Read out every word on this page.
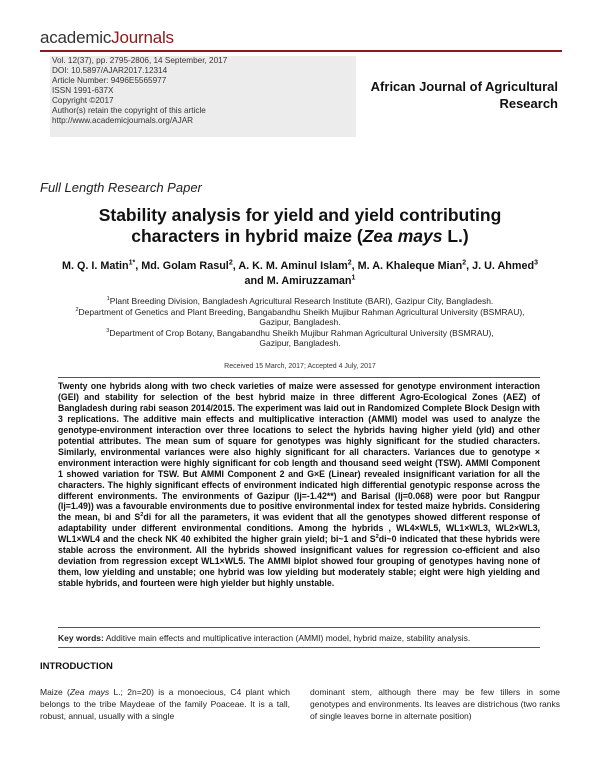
academicJournals
Vol. 12(37), pp. 2795-2806, 14 September, 2017
DOI: 10.5897/AJAR2017.12314
Article Number: 9496E5565977
ISSN 1991-637X
Copyright ©2017
Author(s) retain the copyright of this article
http://www.academicjournals.org/AJAR
African Journal of Agricultural
Research
Full Length Research Paper
Stability analysis for yield and yield contributing
characters in hybrid maize (Zea mays L.)
M. Q. I. Matin$^{1*}$, Md. Golam Rasul$^2$, A. K. M. Aminul Islam$^2$, M. A. Khaleque Mian$^2$, J. U. Ahmed$^3$
and M. Amiruzzaman$^1$
$^1$Plant Breeding Division, Bangladesh Agricultural Research Institute (BARI), Gazipur City, Bangladesh.
$^2$Department of Genetics and Plant Breeding, Bangabandhu Sheikh Mujibur Rahman Agricultural University (BSMRAU),
Gazipur, Bangladesh.
$^3$Department of Crop Botany, Bangabandhu Sheikh Mujibur Rahman Agricultural University (BSMRAU),
Gazipur, Bangladesh.
Received 15 March, 2017; Accepted 4 July, 2017
Twenty one hybrids along with two check varieties of maize were assessed for genotype environment interaction (GEI) and stability for selection of the best hybrid maize in three different Agro-Ecological Zones (AEZ) of Bangladesh during rabi season 2014/2015. The experiment was laid out in Randomized Complete Block Design with 3 replications. The additive main effects and multiplicative interaction (AMMI) model was used to analyze the genotype-environment interaction over three locations to select the hybrids having higher yield (yld) and other potential attributes. The mean sum of square for genotypes was highly significant for the studied characters. Similarly, environmental variances were also highly significant for all characters. Variances due to genotype × environment interaction were highly significant for cob length and thousand seed weight (TSW). AMMI Component 1 showed variation for TSW. But AMMI Component 2 and G×E (Linear) revealed insignificant variation for all the characters. The highly significant effects of environment indicated high differential genotypic response across the different environments. The environments of Gazipur (Ij=-1.42**) and Barisal (Ij=0.068) were poor but Rangpur (Ij=1.49)) was a favourable environments due to positive environmental index for tested maize hybrids. Considering the mean, bi and $S^2di$ for all the parameters, it was evident that all the genotypes showed different response of adaptability under different environmental conditions. Among the hybrids , WL4×WL5, WL1×WL3, WL2×WL3, WL1×WL4 and the check NK 40 exhibited the higher grain yield; bi~1 and $S^2di\sim 0$ indicated that these hybrids were stable across the environment. All the hybrids showed insignificant values for regression co-efficient and also deviation from regression except WL1×WL5. The AMMI biplot showed four grouping of genotypes having none of them, low yielding and unstable; one hybrid was low yielding but moderately stable; eight were high yielding and stable hybrids, and fourteen were high yielder but highly unstable.
Key words: Additive main effects and multiplicative interaction (AMMI) model, hybrid maize, stability analysis.
INTRODUCTION
Maize (Zea mays L.; 2n=20) is a monoecious, C4 plant which belongs to the tribe Maydeae of the family Poaceae. It is a tall, robust, annual, usually with a single
dominant stem, although there may be few tillers in some genotypes and environments. Its leaves are districhous (two ranks of single leaves borne in alternate position)
